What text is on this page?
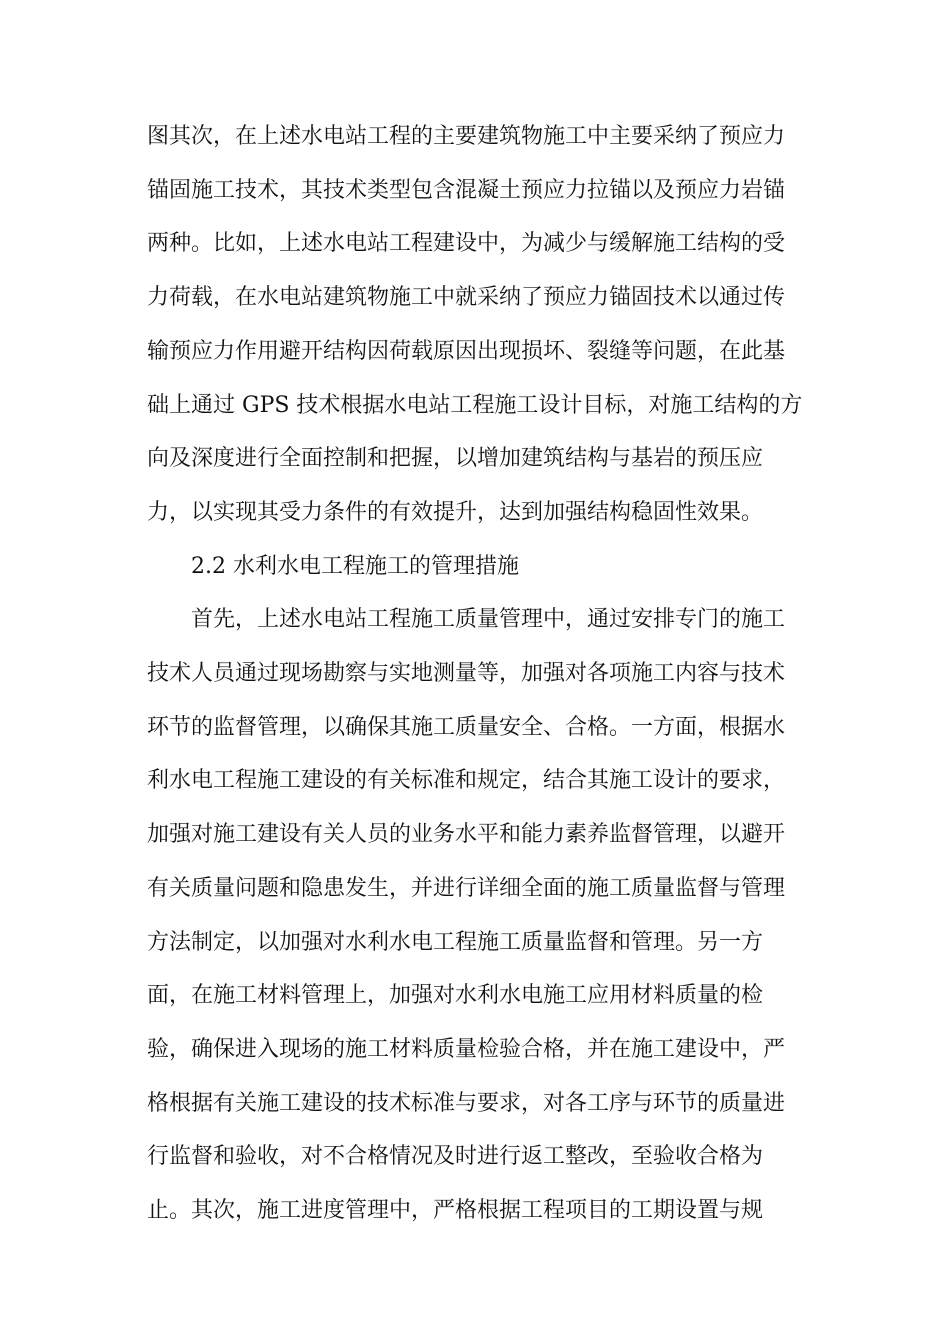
图其次，在上述水电站工程的主要建筑物施工中主要采纳了预应力
锚固施工技术，其技术类型包含混凝土预应力拉锚以及预应力岩锚
两种。比如，上述水电站工程建设中，为减少与缓解施工结构的受
力荷载，在水电站建筑物施工中就采纳了预应力锚固技术以通过传
输预应力作用避开结构因荷载原因出现损坏、裂缝等问题，在此基
础上通过 GPS 技术根据水电站工程施工设计目标，对施工结构的方
向及深度进行全面控制和把握，以增加建筑结构与基岩的预压应
力，以实现其受力条件的有效提升，达到加强结构稳固性效果。
2.2 水利水电工程施工的管理措施
首先，上述水电站工程施工质量管理中，通过安排专门的施工
技术人员通过现场勘察与实地测量等，加强对各项施工内容与技术
环节的监督管理，以确保其施工质量安全、合格。一方面，根据水
利水电工程施工建设的有关标准和规定，结合其施工设计的要求，
加强对施工建设有关人员的业务水平和能力素养监督管理，以避开
有关质量问题和隐患发生，并进行详细全面的施工质量监督与管理
方法制定，以加强对水利水电工程施工质量监督和管理。另一方
面，在施工材料管理上，加强对水利水电施工应用材料质量的检
验，确保进入现场的施工材料质量检验合格，并在施工建设中，严
格根据有关施工建设的技术标准与要求，对各工序与环节的质量进
行监督和验收，对不合格情况及时进行返工整改，至验收合格为
止。其次，施工进度管理中，严格根据工程项目的工期设置与规
